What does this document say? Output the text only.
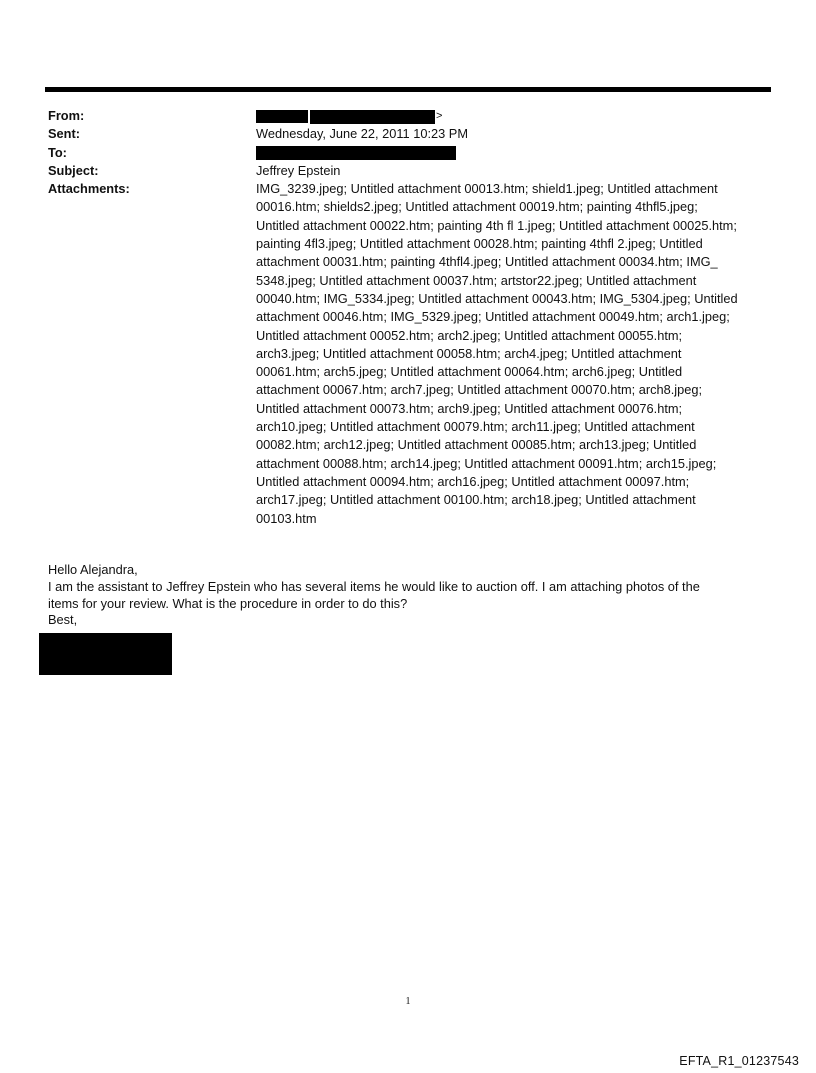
From:	>
Sent:	Wednesday, June 22, 2011 10:23 PM
To:
Subject:	Jeffrey Epstein
Attachments:	IMG_3239.jpeg; Untitled attachment 00013.htm; shield1.jpeg; Untitled attachment
00016.htm; shields2.jpeg; Untitled attachment 00019.htm; painting 4thfl5.jpeg;
Untitled attachment 00022.htm; painting 4th fl 1.jpeg; Untitled attachment 00025.htm;
painting 4fl3.jpeg; Untitled attachment 00028.htm; painting 4thfl 2.jpeg; Untitled
attachment 00031.htm; painting 4thfl4.jpeg; Untitled attachment 00034.htm; IMG_
5348.jpeg; Untitled attachment 00037.htm; artstor22.jpeg; Untitled attachment
00040.htm; IMG_5334.jpeg; Untitled attachment 00043.htm; IMG_5304.jpeg; Untitled
attachment 00046.htm; IMG_5329.jpeg; Untitled attachment 00049.htm; arch1.jpeg;
Untitled attachment 00052.htm; arch2.jpeg; Untitled attachment 00055.htm;
arch3.jpeg; Untitled attachment 00058.htm; arch4.jpeg; Untitled attachment
00061.htm; arch5.jpeg; Untitled attachment 00064.htm; arch6.jpeg; Untitled
attachment 00067.htm; arch7.jpeg; Untitled attachment 00070.htm; arch8.jpeg;
Untitled attachment 00073.htm; arch9.jpeg; Untitled attachment 00076.htm;
arch10.jpeg; Untitled attachment 00079.htm; arch11.jpeg; Untitled attachment
00082.htm; arch12.jpeg; Untitled attachment 00085.htm; arch13.jpeg; Untitled
attachment 00088.htm; arch14.jpeg; Untitled attachment 00091.htm; arch15.jpeg;
Untitled attachment 00094.htm; arch16.jpeg; Untitled attachment 00097.htm;
arch17.jpeg; Untitled attachment 00100.htm; arch18.jpeg; Untitled attachment
00103.htm

Hello Alejandra,

I am the assistant to Jeffrey Epstein who has several items he would like to auction off. I am attaching photos of the

items for your review. What is the procedure in order to do this?

Best,

1
EFTA_R1_01237543
